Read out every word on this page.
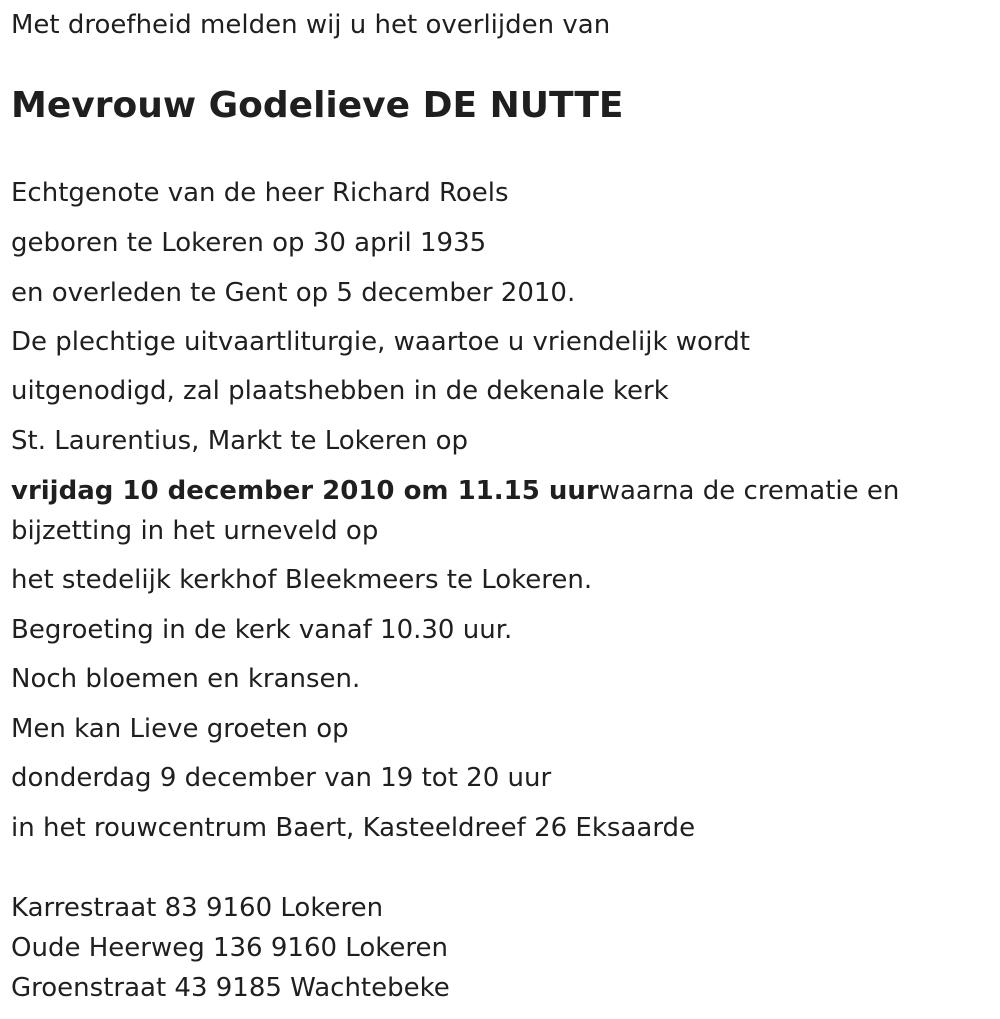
Met droefheid melden wij u het overlijden van
Mevrouw Godelieve DE NUTTE
Echtgenote van de heer Richard Roels
geboren te Lokeren op 30 april 1935
en overleden te Gent op 5 december 2010.
De plechtige uitvaartliturgie, waartoe u vriendelijk wordt
uitgenodigd, zal plaatshebben in de dekenale kerk
St. Laurentius, Markt te Lokeren op
vrijdag 10 december 2010 om 11.15 uurwaarna de crematie en bijzetting in het urneveld op
het stedelijk kerkhof Bleekmeers te Lokeren.
Begroeting in de kerk vanaf 10.30 uur.
Noch bloemen en kransen.
Men kan Lieve groeten op
donderdag 9 december van 19 tot 20 uur
in het rouwcentrum Baert, Kasteeldreef 26 Eksaarde
Karrestraat 83 9160 Lokeren
Oude Heerweg 136 9160 Lokeren
Groenstraat 43 9185 Wachtebeke
